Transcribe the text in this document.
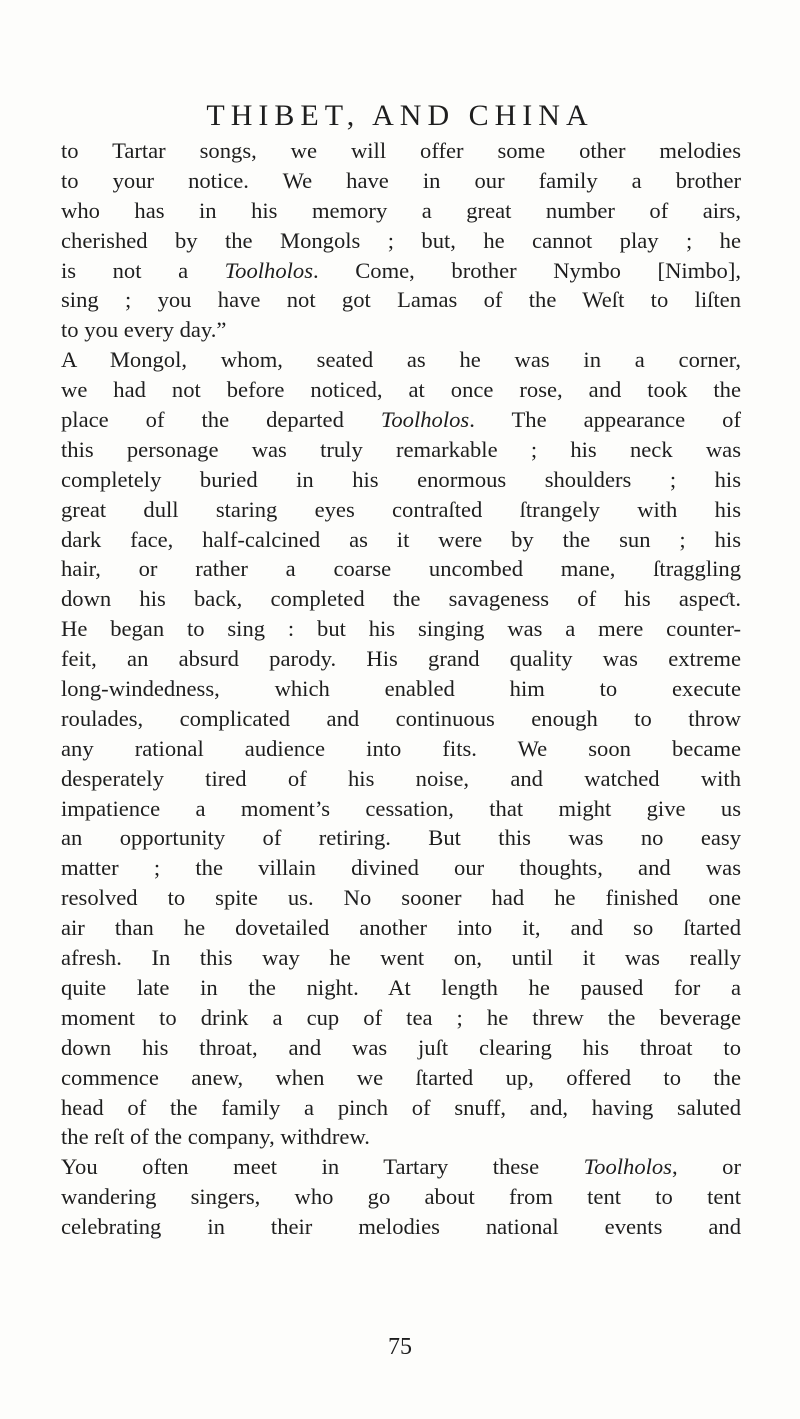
THIBET, AND CHINA
to Tartar songs, we will offer some other melodies
to your notice. We have in our family a brother
who has in his memory a great number of airs,
cherished by the Mongols ; but, he cannot play ; he
is not a Toolholos. Come, brother Nymbo [Nimbo],
sing ; you have not got Lamas of the Weſt to liſten
to you every day.”
A Mongol, whom, seated as he was in a corner,
we had not before noticed, at once rose, and took the
place of the departed Toolholos. The appearance of
this personage was truly remarkable ; his neck was
completely buried in his enormous shoulders ; his
great dull staring eyes contraſted ſtrangely with his
dark face, half-calcined as it were by the sun ; his
hair, or rather a coarse uncombed mane, ſtraggling
down his back, completed the savageness of his aspeƈt.
He began to sing : but his singing was a mere counter-
feit, an absurd parody. His grand quality was extreme
long-windedness, which enabled him to execute
roulades, complicated and continuous enough to throw
any rational audience into fits. We soon became
desperately tired of his noise, and watched with
impatience a moment’s cessation, that might give us
an opportunity of retiring. But this was no easy
matter ; the villain divined our thoughts, and was
resolved to spite us. No sooner had he finished one
air than he dovetailed another into it, and so ſtarted
afresh. In this way he went on, until it was really
quite late in the night. At length he paused for a
moment to drink a cup of tea ; he threw the beverage
down his throat, and was juſt clearing his throat to
commence anew, when we ſtarted up, offered to the
head of the family a pinch of snuff, and, having saluted
the reſt of the company, withdrew.
You often meet in Tartary these Toolholos, or
wandering singers, who go about from tent to tent
celebrating in their melodies national events and
75
